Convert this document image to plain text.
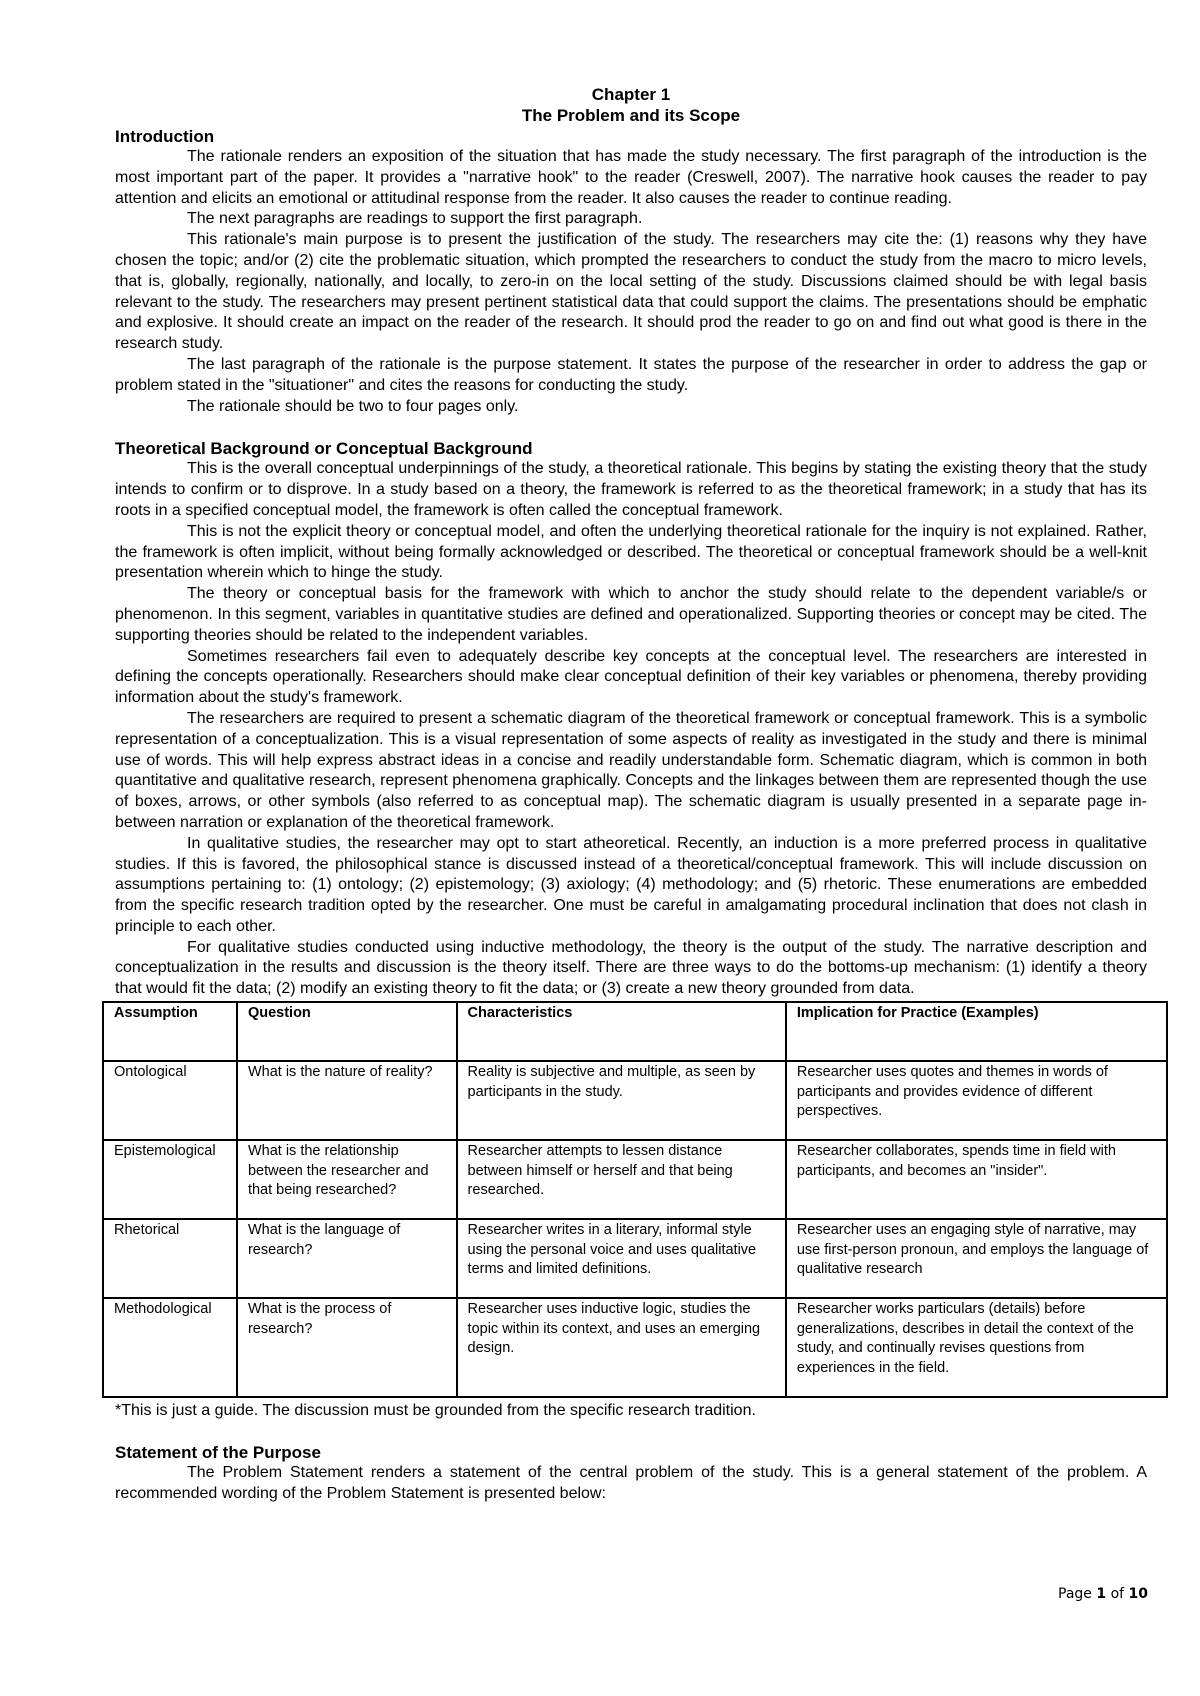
Chapter 1

The Problem and its Scope

Introduction

The rationale renders an exposition of the situation that has made the study necessary. The first paragraph of the introduction is the most important part of the paper. It provides a "narrative hook" to the reader (Creswell, 2007). The narrative hook causes the reader to pay attention and elicits an emotional or attitudinal response from the reader. It also causes the reader to continue reading.

The next paragraphs are readings to support the first paragraph.

This rationale's main purpose is to present the justification of the study. The researchers may cite the: (1) reasons why they have chosen the topic; and/or (2) cite the problematic situation, which prompted the researchers to conduct the study from the macro to micro levels, that is, globally, regionally, nationally, and locally, to zero-in on the local setting of the study. Discussions claimed should be with legal basis relevant to the study. The researchers may present pertinent statistical data that could support the claims. The presentations should be emphatic and explosive. It should create an impact on the reader of the research. It should prod the reader to go on and find out what good is there in the research study.

The last paragraph of the rationale is the purpose statement. It states the purpose of the researcher in order to address the gap or problem stated in the "situationer" and cites the reasons for conducting the study.

The rationale should be two to four pages only.

Theoretical Background or Conceptual Background

This is the overall conceptual underpinnings of the study, a theoretical rationale. This begins by stating the existing theory that the study intends to confirm or to disprove. In a study based on a theory, the framework is referred to as the theoretical framework; in a study that has its roots in a specified conceptual model, the framework is often called the conceptual framework.

This is not the explicit theory or conceptual model, and often the underlying theoretical rationale for the inquiry is not explained. Rather, the framework is often implicit, without being formally acknowledged or described. The theoretical or conceptual framework should be a well-knit presentation wherein which to hinge the study.

The theory or conceptual basis for the framework with which to anchor the study should relate to the dependent variable/s or phenomenon. In this segment, variables in quantitative studies are defined and operationalized. Supporting theories or concept may be cited. The supporting theories should be related to the independent variables.

Sometimes researchers fail even to adequately describe key concepts at the conceptual level. The researchers are interested in defining the concepts operationally. Researchers should make clear conceptual definition of their key variables or phenomena, thereby providing information about the study's framework.

The researchers are required to present a schematic diagram of the theoretical framework or conceptual framework. This is a symbolic representation of a conceptualization. This is a visual representation of some aspects of reality as investigated in the study and there is minimal use of words. This will help express abstract ideas in a concise and readily understandable form. Schematic diagram, which is common in both quantitative and qualitative research, represent phenomena graphically. Concepts and the linkages between them are represented though the use of boxes, arrows, or other symbols (also referred to as conceptual map). The schematic diagram is usually presented in a separate page in-between narration or explanation of the theoretical framework.

In qualitative studies, the researcher may opt to start atheoretical. Recently, an induction is a more preferred process in qualitative studies. If this is favored, the philosophical stance is discussed instead of a theoretical/conceptual framework. This will include discussion on assumptions pertaining to: (1) ontology; (2) epistemology; (3) axiology; (4) methodology; and (5) rhetoric. These enumerations are embedded from the specific research tradition opted by the researcher. One must be careful in amalgamating procedural inclination that does not clash in principle to each other.

For qualitative studies conducted using inductive methodology, the theory is the output of the study. The narrative description and conceptualization in the results and discussion is the theory itself. There are three ways to do the bottoms-up mechanism: (1) identify a theory that would fit the data; (2) modify an existing theory to fit the data; or (3) create a new theory grounded from data.

Assumption	Question	Characteristics	Implication for Practice (Examples)
Ontological	What is the nature of reality?	Reality is subjective and multiple, as seen by participants in the study.	Researcher uses quotes and themes in words of participants and provides evidence of different perspectives.
Epistemological	What is the relationship between the researcher and that being researched?	Researcher attempts to lessen distance between himself or herself and that being researched.	Researcher collaborates, spends time in field with participants, and becomes an "insider".
Rhetorical	What is the language of research?	Researcher writes in a literary, informal style using the personal voice and uses qualitative terms and limited definitions.	Researcher uses an engaging style of narrative, may use first-person pronoun, and employs the language of qualitative research
Methodological	What is the process of research?	Researcher uses inductive logic, studies the topic within its context, and uses an emerging design.	Researcher works particulars (details) before generalizations, describes in detail the context of the study, and continually revises questions from experiences in the field.

*This is just a guide. The discussion must be grounded from the specific research tradition.

Statement of the Purpose

The Problem Statement renders a statement of the central problem of the study. This is a general statement of the problem. A recommended wording of the Problem Statement is presented below:

Page 1 of 10
